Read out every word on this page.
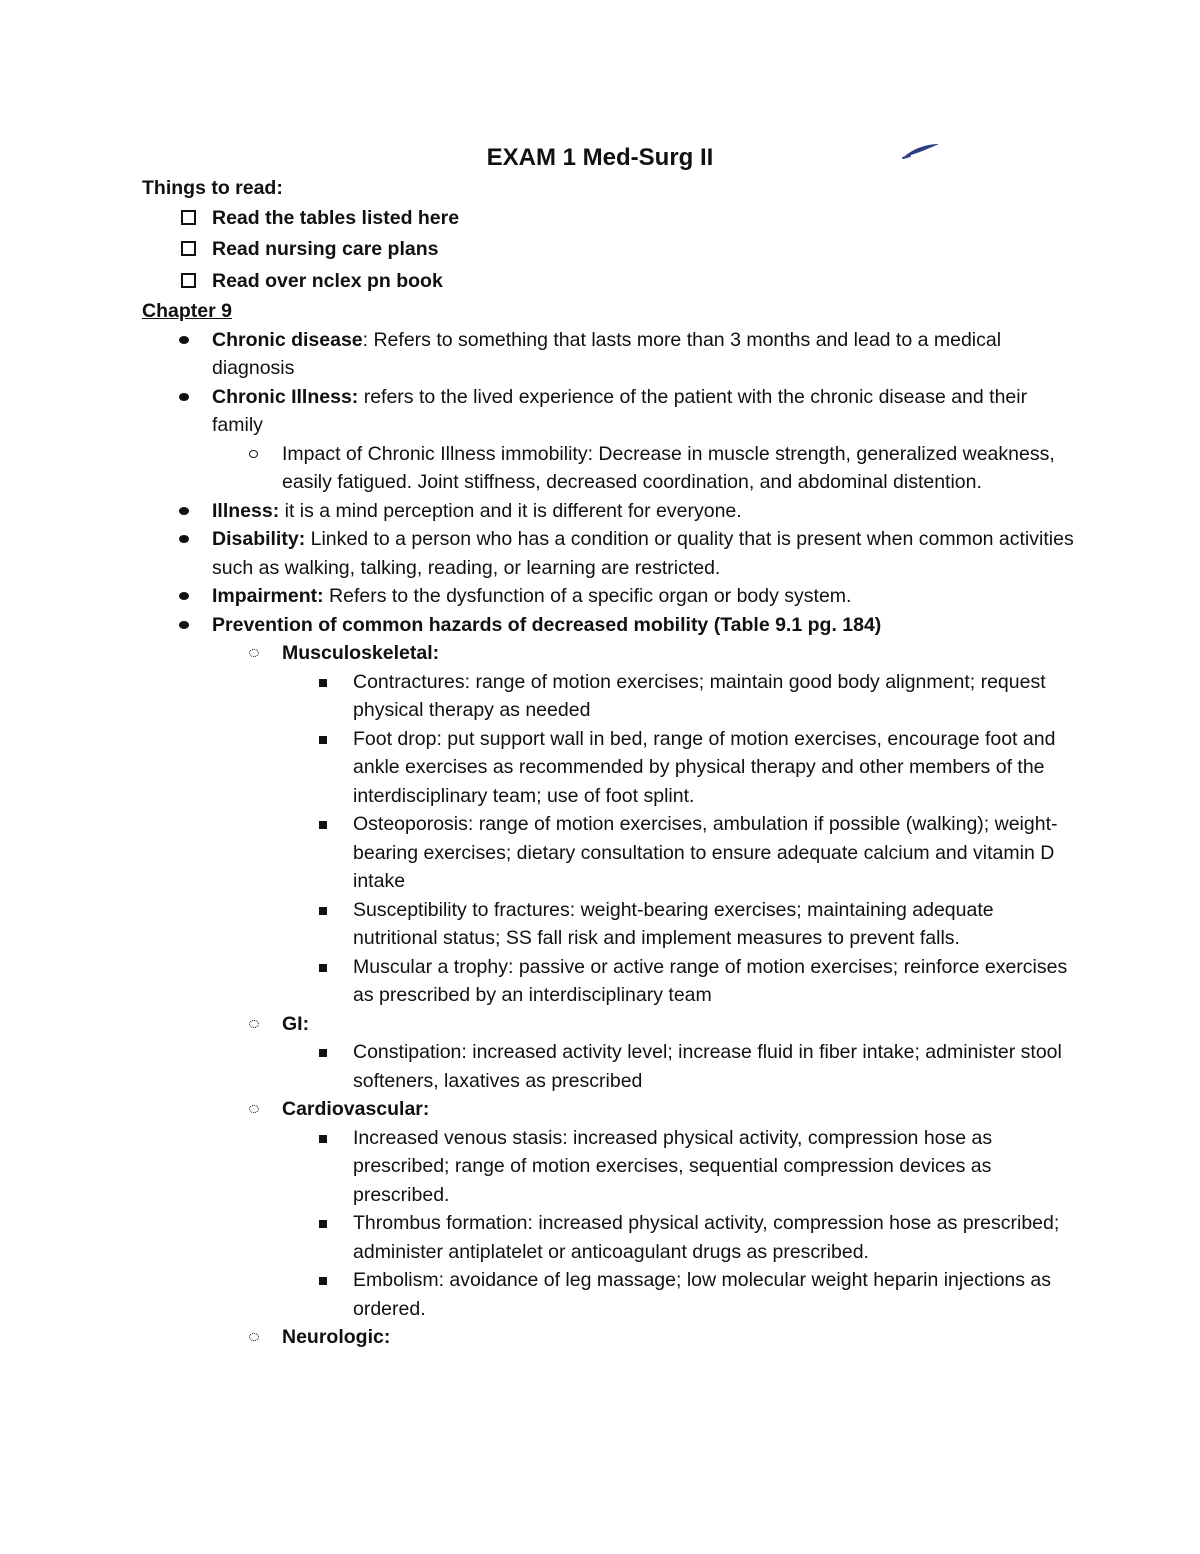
EXAM 1 Med-Surg II
Things to read:
Read the tables listed here
Read nursing care plans
Read over nclex pn book
Chapter 9
Chronic disease: Refers to something that lasts more than 3 months and lead to a medical diagnosis
Chronic Illness: refers to the lived experience of the patient with the chronic disease and their family
Impact of Chronic Illness immobility: Decrease in muscle strength, generalized weakness, easily fatigued. Joint stiffness, decreased coordination, and abdominal distention.
Illness: it is a mind perception and it is different for everyone.
Disability: Linked to a person who has a condition or quality that is present when common activities such as walking, talking, reading, or learning are restricted.
Impairment: Refers to the dysfunction of a specific organ or body system.
Prevention of common hazards of decreased mobility (Table 9.1 pg. 184)
Musculoskeletal:
Contractures: range of motion exercises; maintain good body alignment; request physical therapy as needed
Foot drop: put support wall in bed, range of motion exercises, encourage foot and ankle exercises as recommended by physical therapy and other members of the interdisciplinary team; use of foot splint.
Osteoporosis: range of motion exercises, ambulation if possible (walking); weight-bearing exercises; dietary consultation to ensure adequate calcium and vitamin D intake
Susceptibility to fractures: weight-bearing exercises; maintaining adequate nutritional status; SS fall risk and implement measures to prevent falls.
Muscular a trophy: passive or active range of motion exercises; reinforce exercises as prescribed by an interdisciplinary team
GI:
Constipation: increased activity level; increase fluid in fiber intake; administer stool softeners, laxatives as prescribed
Cardiovascular:
Increased venous stasis: increased physical activity, compression hose as prescribed; range of motion exercises, sequential compression devices as prescribed.
Thrombus formation: increased physical activity, compression hose as prescribed; administer antiplatelet or anticoagulant drugs as prescribed.
Embolism: avoidance of leg massage; low molecular weight heparin injections as ordered.
Neurologic:
